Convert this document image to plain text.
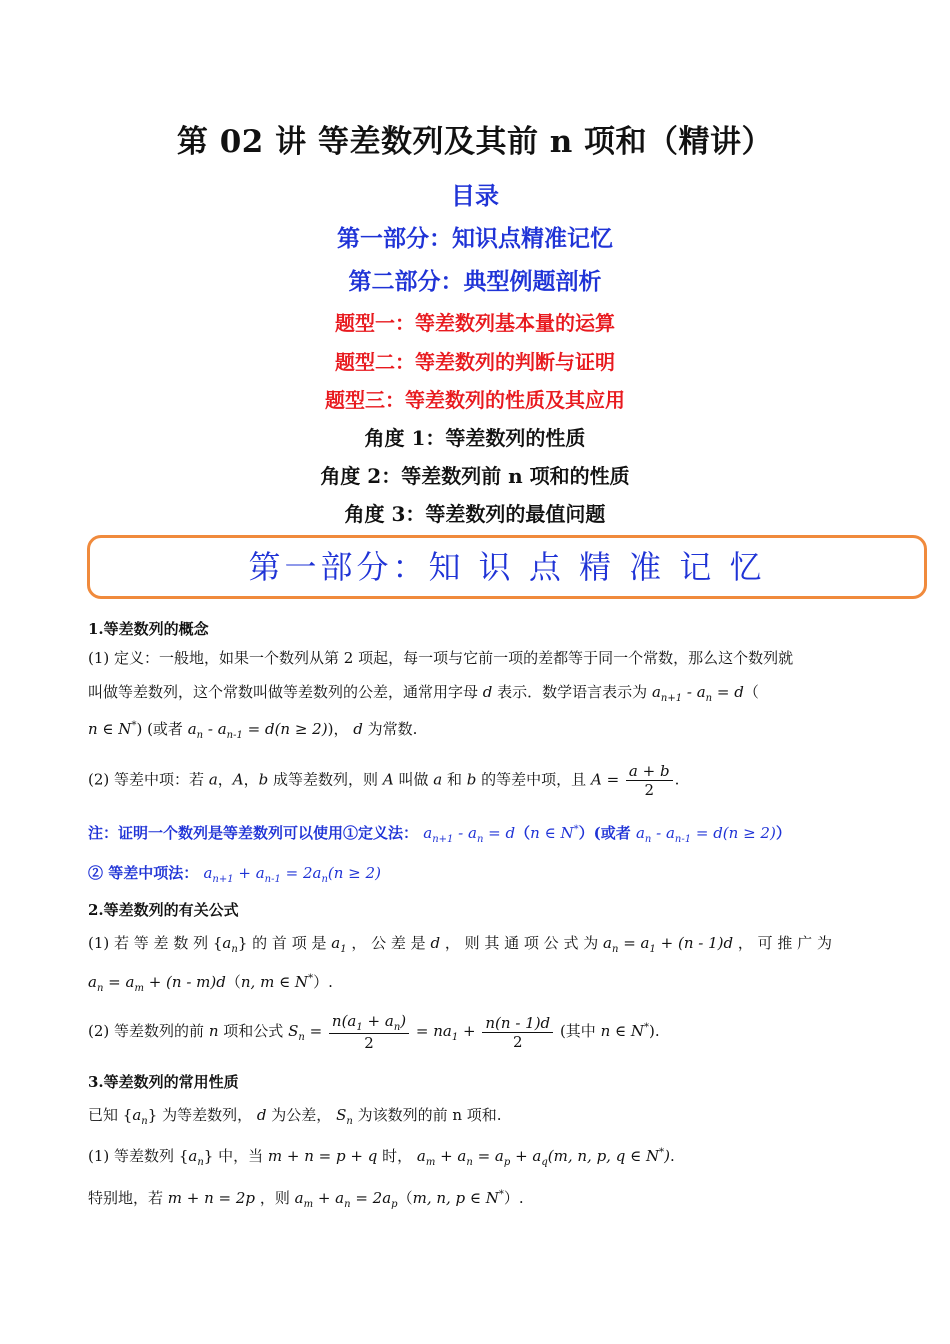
第 02 讲 等差数列及其前 n 项和（精讲）
目录
第一部分：知识点精准记忆
第二部分：典型例题剖析
题型一：等差数列基本量的运算
题型二：等差数列的判断与证明
题型三：等差数列的性质及其应用
角度 1：等差数列的性质
角度 2：等差数列前 n 项和的性质
角度 3：等差数列的最值问题
第一部分：知 识 点 精 准 记 忆
1.等差数列的概念
(1) 定义：一般地，如果一个数列从第 2 项起，每一项与它前一项的差都等于同一个常数，那么这个数列就
叫做等差数列，这个常数叫做等差数列的公差，通常用字母 d 表示．数学语言表示为 $a_{n+1} - a_n = d$（
n ∈ N*) (或者 $a_n - a_{n-1} = d(n \ge 2)$)， d 为常数.
(2) 等差中项：若 a，A，b 成等差数列，则 A 叫做 a 和 b 的等差中项，且 $A = \frac{a + b}{2}$ .
注：证明一个数列是等差数列可以使用①定义法： $a_{n+1} - a_n = d(n$ ∈ N*）(或者 $a_n - a_{n-1} = d(n \ge 2)$）
② 等差中项法： $a_{n+1} + a_{n-1} = 2a_n(n \ge 2)$
2.等差数列的有关公式
(1) 若 等 差 数 列 $\{a_n\}$ 的 首 项 是 $a_1$ ， 公 差 是 d ， 则 其 通 项 公 式 为 $a_n = a_1 + (n - 1)d$ ， 可 推 广 为
$a_n = a_m + (n - m)d(n$, m ∈ N*）.
(2) 等差数列的前 n 项和公式 $S_n = \frac{n(a_1 + a_n)}{2} = na_1 + \frac{n(n - 1)d}{2}$ (其中 n ∈ N*).
3.等差数列的常用性质
已知 $\{a_n\}$ 为等差数列， d 为公差， $S_n$ 为该数列的前 n 项和.
(1) 等差数列 $\{a_n\}$ 中，当 m + n = p + q 时， $a_m + a_n = a_p + a_q(m$, n, p, q ∈ N*).
特别地，若 m + n = 2p ，则 $a_m + a_n = 2a_p(m$, n, p ∈ N*）.
